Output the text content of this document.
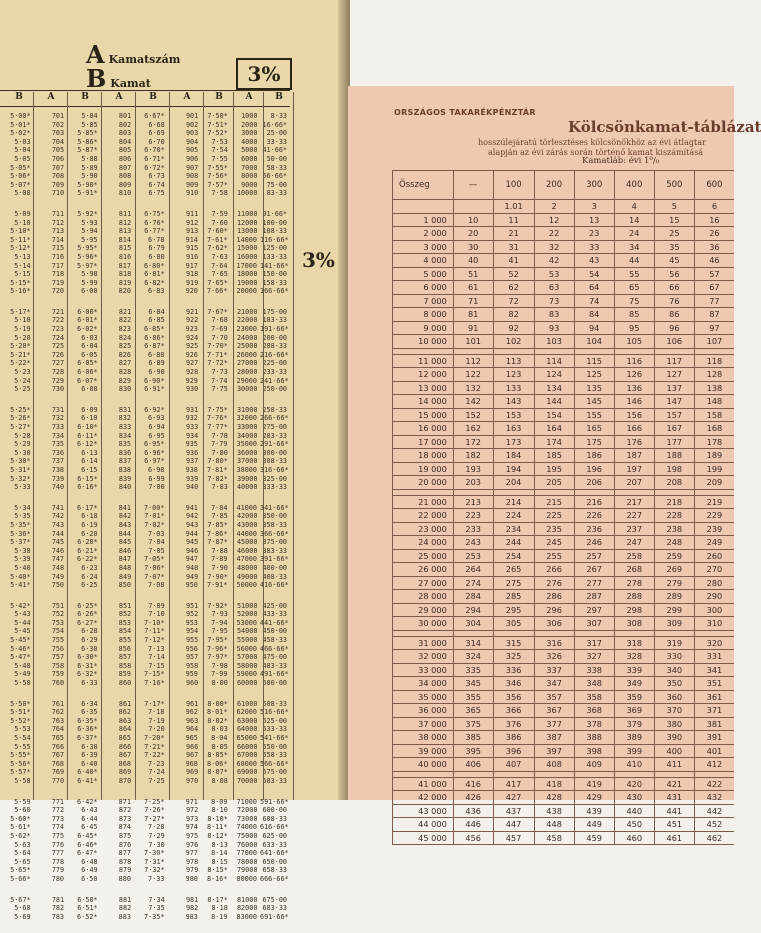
A Kamatszám
B Kamat	3%
3%
B	A	B	A	B	A	B	A	B
5·00*	701	5·84	801	6·67*	901	7·50*	1000	8·33
5·01*	702	5·85	802	6·68	902	7·51*	2000 16·66*
5·02*	703	5·85*	803	6·69	903	7·52*	3000	25·00
5·03	704	5·86*	804	6·70	904	7·53	4000	33·33
5·04	705	5·87*	805	6·70*	905	7·54	5000 41·66*
5·05	706	5·88	806	6·71*	906	7·55	6000	50·00
5·05*	707	5·89	807	6·72*	907	7·55*	7000	58·33
5·06*	708	5·90	808	6·73	908	7·56*	8000 66·66*
5·07*	709	5·90*	809	6·74	909	7·57*	9000	75·00
5·08	710	5·91*	810	6·75	910	7·58	10000	83·33
5·09	711	5·92*	811	6·75*	911	7·59	11000 91·66*
5·10	712	5·93	812	6·76*	912	7·60	12000 100·00
5·10*	713	5·94	813	6·77*	913	7·60*	13000 108·33
5·11*	714	5·95	814	6·78	914	7·61*	14000 116·66*
5·12*	715	5·95*	815	6·79	915	7·62*	15000 125·00
5·13	716	5·96*	816	6·80	916	7·63	16000 133·33
5·14	717	5·97*	817	6·80*	917	7·64	17000 141·66*
5·15	718	5·98	818	6·81*	918	7·65	18000 150·00
5·15*	719	5·99	819	6·82*	919	7·65*	19000 158·33
5·16*	720	6·00	820	6·83	920	7·66*	20000 166·66*
5·17*	721	6·00*	821	6·84	921	7·67*	21000 175·00
5·18	722	6·01*	822	6·85	922	7·68	22000 183·33
5·19	723	6·02*	823	6·85*	923	7·69	23000 191·66*
5·20	724	6·03	824	6·86*	924	7·70	24000 200·00
5·20*	725	6·04	825	6·87*	925	7·70*	25000 208·33
5·21*	726	6·05	826	6·88	926	7·71*	26000 216·66*
5·22*	727	6·05*	827	6·89	927	7·72*	27000 225·00
5·23	728	6·06*	828	6·90	928	7·73	28000 233·33
5·24	729	6·07*	829	6·90*	929	7·74	29000 241·66*
5·25	730	6·08	830	6·91*	930	7·75	30000 250·00
5·25*	731	6·09	831	6·92*	931	7·75*	31000 258·33
5·26*	732	6·10	832	6·93	932	7·76*	32000 266·66*
5·27*	733	6·10*	833	6·94	933	7·77*	33000 275·00
5·28	734	6·11*	834	6·95	934	7·78	34000 283·33
5·29	735	6·12*	835	6·95*	935	7·79	35000 291·66*
5·30	736	6·13	836	6·96*	936	7·80	36000 300·00
5·30*	737	6·14	837	6·97*	937	7·80*	37000 308·33
5·31*	738	6·15	838	6·98	938	7·81*	38000 316·66*
5·32*	739	6·15*	839	6·99	939	7·82*	39000 325·00
5·33	740	6·16*	840	7·00	940	7·83	40000 333·33
5·34	741	6·17*	841	7·00*	941	7·84	41000 341·66*
5·35	742	6·18	842	7·01*	942	7·85	42000 350·00
5·35*	743	6·19	843	7·02*	943	7·85*	43000 358·33
5·36*	744	6·20	844	7·03	944	7·86*	44000 366·66*
5·37*	745	6·20*	845	7·04	945	7·87*	45000 375·00
5·38	746	6·21*	846	7·05	946	7·88	46000 383·33
5·39	747	6·22*	847	7·05*	947	7·89	47000 391·66*
5·40	748	6·23	848	7·06*	948	7·90	48000 400·00
5·40*	749	6·24	849	7·07*	949	7·90*	49000 408·33
5·41*	750	6·25	850	7·08	950	7·91*	50000 416·66*
5·42*	751	6·25*	851	7·09	951	7·92*	51000 425·00
5·43	752	6·26*	852	7·10	952	7·93	52000 433·33
5·44	753	6·27*	853	7·10*	953	7·94	53000 441·66*
5·45	754	6·28	854	7·11*	954	7·95	54000 450·00
5·45*	755	6·29	855	7·12*	955	7·95*	55000 458·33
5·46*	756	6·30	856	7·13	956	7·96*	56000 466·66*
5·47*	757	6·30*	857	7·14	957	7·97*	57000 475·00
5·48	758	6·31*	858	7·15	958	7·98	58000 483·33
5·49	759	6·32*	859	7·15*	959	7·99	59000 491·66*
5·50	760	6·33	860	7·16*	960	8·00	60000 500·00
5·50*	761	6·34	861	7·17*	961	8·00*	61000 508·33
5·51*	762	6·35	862	7·18	962	8·01*	62000 516·66*
5·52*	763	6·35*	863	7·19	963	8·02*	63000 525·00
5·53	764	6·36*	864	7·20	964	8·03	64000 533·33
5·54	765	6·37*	865	7·20*	965	8·04	65000 541·66*
5·55	766	6·38	866	7·21*	966	8·05	66000 550·00
5·55*	767	6·39	867	7·22*	967	8·05*	67000 558·33
5·56*	768	6·40	868	7·23	968	8·06*	68000 566·66*
5·57*	769	6·40*	869	7·24	969	8·07*	69000 575·00
5·58	770	6·41*	870	7·25	970	8·08	70000 583·33
5·59	771	6·42*	871	7·25*	971	8·09	71000 591·66*
5·60	772	6·43	872	7·26*	972	8·10	72000 600·00
5·60*	773	6·44	873	7·27*	973	8·10*	73000 608·33
5·61*	774	6·45	874	7·28	974	8·11*	74000 616·66*
5·62*	775	6·45*	875	7·29	975	8·12*	75000 625·00
5·63	776	6·46*	876	7·30	976	8·13	76000 633·33
5·64	777	6·47*	877	7·30*	977	8·14	77000 641·66*
5·65	778	6·48	878	7·31*	978	8·15	78000 650·00
5·65*	779	6·49	879	7·32*	979	8·15*	79000 658·33
5·66*	780	6·50	880	7·33	980	8·16*	80000 666·66*
5·67*	781	6·50*	881	7·34	981	8·17*	81000 675·00
5·68	782	6·51*	882	7·35	982	8·18	82000 683·33
5·69	783	6·52*	883	7·35*	983	8·19	83000 691·66*
ORSZÁGOS TAKARÉKPÉNZTÁR
Kölcsönkamat-táblázat
hosszúlejáratú törlesztéses kölcsönökhöz az évi átlagtar
alapján az évi zárás során történő kamat kiszámításá
Kamatláb: évi 1⁰/₀
Összeg	—	100	200	300	400	500	600
		1.01	2	3	4	5	6
1 000	10	11	12	13	14	15	16
2 000	20	21	22	23	24	25	26
3 000	30	31	32	33	34	35	36
4 000	40	41	42	43	44	45	46
5 000	51	52	53	54	55	56	57
6 000	61	62	63	64	65	66	67
7 000	71	72	73	74	75	76	77
8 000	81	82	83	84	85	86	87
9 000	91	92	93	94	95	96	97
10 000	101	102	103	104	105	106	107

11 000	112	113	114	115	116	117	118
12 000	122	123	124	125	126	127	128
13 000	132	133	134	135	136	137	138
14 000	142	143	144	145	146	147	148
15 000	152	153	154	155	156	157	158
16 000	162	163	164	165	166	167	168
17 000	172	173	174	175	176	177	178
18 000	182	184	185	186	187	188	189
19 000	193	194	195	196	197	198	199
20 000	203	204	205	206	207	208	209

21 000	213	214	215	216	217	218	219
22 000	223	224	225	226	227	228	229
23 000	233	234	235	236	237	238	239
24 000	243	244	245	246	247	248	249
25 000	253	254	255	257	258	259	260
26 000	264	265	266	267	268	269	270
27 000	274	275	276	277	278	279	280
28 000	284	285	286	287	288	289	290
29 000	294	295	296	297	298	299	300
30 000	304	305	306	307	308	309	310

31 000	314	315	316	317	318	319	320
32 000	324	325	326	327	328	330	331
33 000	335	336	337	338	339	340	341
34 000	345	346	347	348	349	350	351
35 000	355	356	357	358	359	360	361
36 000	365	366	367	368	369	370	371
37 000	375	376	377	378	379	380	381
38 000	385	386	387	388	389	390	391
39 000	395	396	397	398	399	400	401
40 000	406	407	408	409	410	411	412

41 000	416	417	418	419	420	421	422
42 000	426	427	428	429	430	431	432
43 000	436	437	438	439	440	441	442
44 000	446	447	448	449	450	451	452
45 000	456	457	458	459	460	461	462
